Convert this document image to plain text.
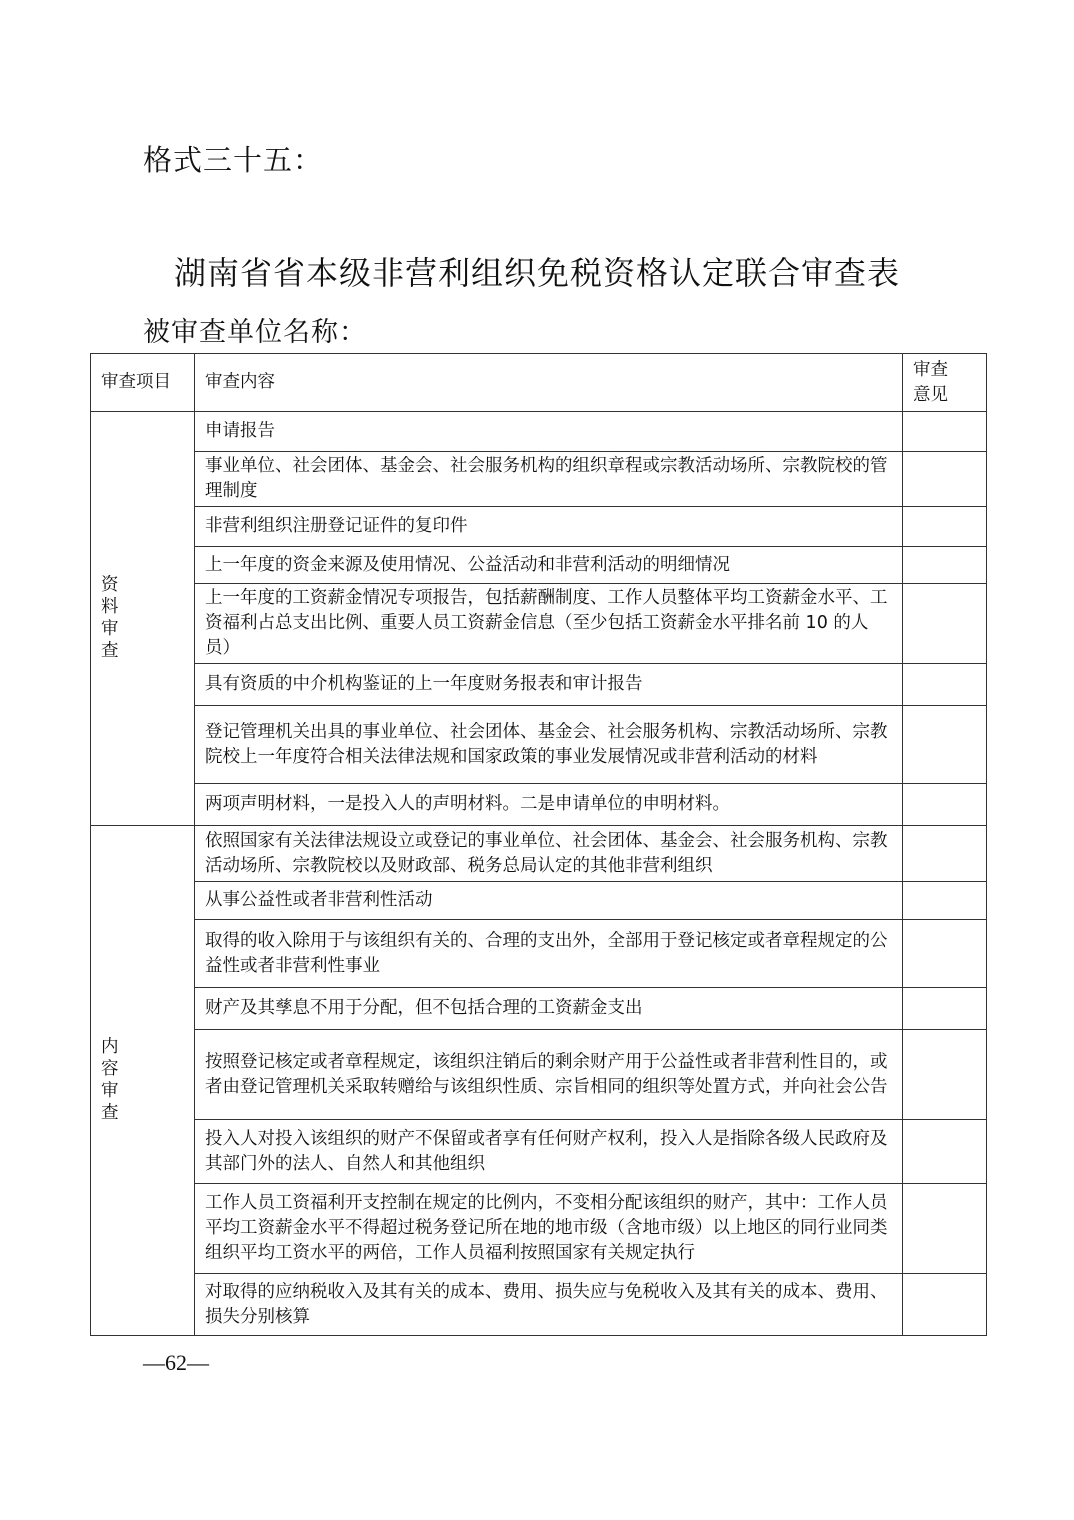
格式三十五：
湖南省省本级非营利组织免税资格认定联合审查表
被审查单位名称：
审查项目	审查内容	审查
意见

资料审查	申请报告	
	事业单位、社会团体、基金会、社会服务机构的组织章程或宗教活动场所、宗教院校的管理制度	
	非营利组织注册登记证件的复印件	
	上一年度的资金来源及使用情况、公益活动和非营利活动的明细情况	
	上一年度的工资薪金情况专项报告，包括薪酬制度、工作人员整体平均工资薪金水平、工资福利占总支出比例、重要人员工资薪金信息（至少包括工资薪金水平排名前 10 的人员）	
	具有资质的中介机构鉴证的上一年度财务报表和审计报告	
	登记管理机关出具的事业单位、社会团体、基金会、社会服务机构、宗教活动场所、宗教院校上一年度符合相关法律法规和国家政策的事业发展情况或非营利活动的材料	
	两项声明材料，一是投入人的声明材料。二是申请单位的申明材料。	
内容审查	依照国家有关法律法规设立或登记的事业单位、社会团体、基金会、社会服务机构、宗教活动场所、宗教院校以及财政部、税务总局认定的其他非营利组织	
	从事公益性或者非营利性活动	
	取得的收入除用于与该组织有关的、合理的支出外，全部用于登记核定或者章程规定的公益性或者非营利性事业	
	财产及其孳息不用于分配，但不包括合理的工资薪金支出	
	按照登记核定或者章程规定，该组织注销后的剩余财产用于公益性或者非营利性目的，或者由登记管理机关采取转赠给与该组织性质、宗旨相同的组织等处置方式，并向社会公告	
	投入人对投入该组织的财产不保留或者享有任何财产权利，投入人是指除各级人民政府及其部门外的法人、自然人和其他组织	
	工作人员工资福利开支控制在规定的比例内，不变相分配该组织的财产，其中：工作人员平均工资薪金水平不得超过税务登记所在地的地市级（含地市级）以上地区的同行业同类组织平均工资水平的两倍，工作人员福利按照国家有关规定执行	
	对取得的应纳税收入及其有关的成本、费用、损失应与免税收入及其有关的成本、费用、损失分别核算	
—62—
